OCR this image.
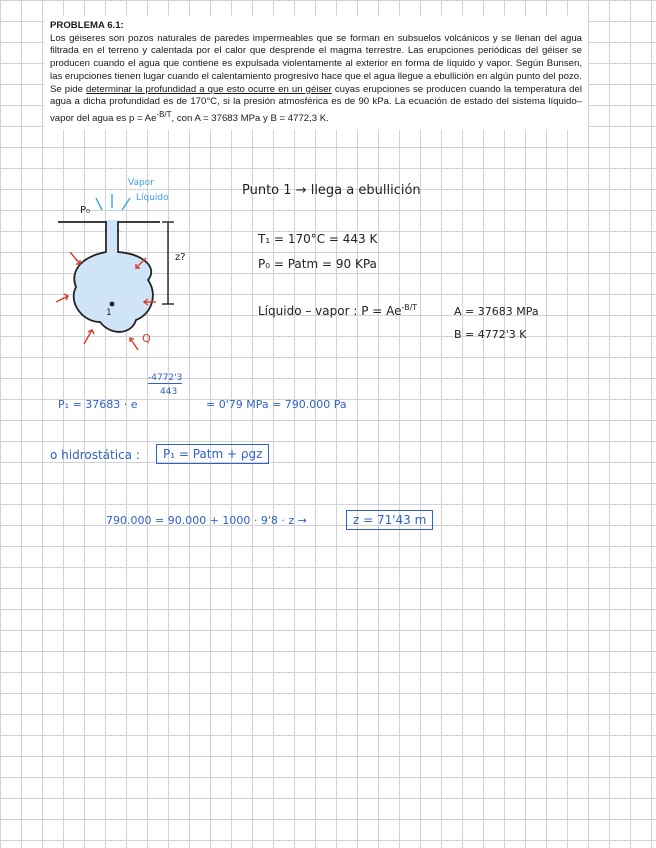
PROBLEMA 6.1:

Los géiseres son pozos naturales de paredes impermeables que se forman en subsuelos volcánicos y se llenan del agua filtrada en el terreno y calentada por el calor que desprende el magma terrestre. Las erupciones periódicas del géiser se producen cuando el agua que contiene es expulsada violentamente al exterior en forma de líquido y vapor. Según Bunsen, las erupciones tienen lugar cuando el calentamiento progresivo hace que el agua llegue a ebullición en algún punto del pozo.

Se pide determinar la profundidad a que esto ocurre en un géiser cuyas erupciones se producen cuando la temperatura del agua a dicha profundidad es de 170°C, si la presión atmosférica es de 90 kPa. La ecuación de estado del sistema líquido–vapor del agua es $p = Ae^{-B/T}$, con A = 37683 MPa y B = 4772,3 K.

Vapor
Líquido
P₀
z?
1
Q
Punto 1 → llega a ebullición
T₁ = 170°C = 443 K
P₀ = Patm = 90 KPa
Líquido – vapor : $P = Ae^{-B/T}$	A = 37683 MPa
B = 4772'3 K
P₁ = 37683 · e
-4772'3
443
= 0'79 MPa = 790.000 Pa
o hidrostática :	P₁ = Patm + ρgz
790.000 = 90.000 + 1000 · 9'8 · z →	z = 71'43 m
